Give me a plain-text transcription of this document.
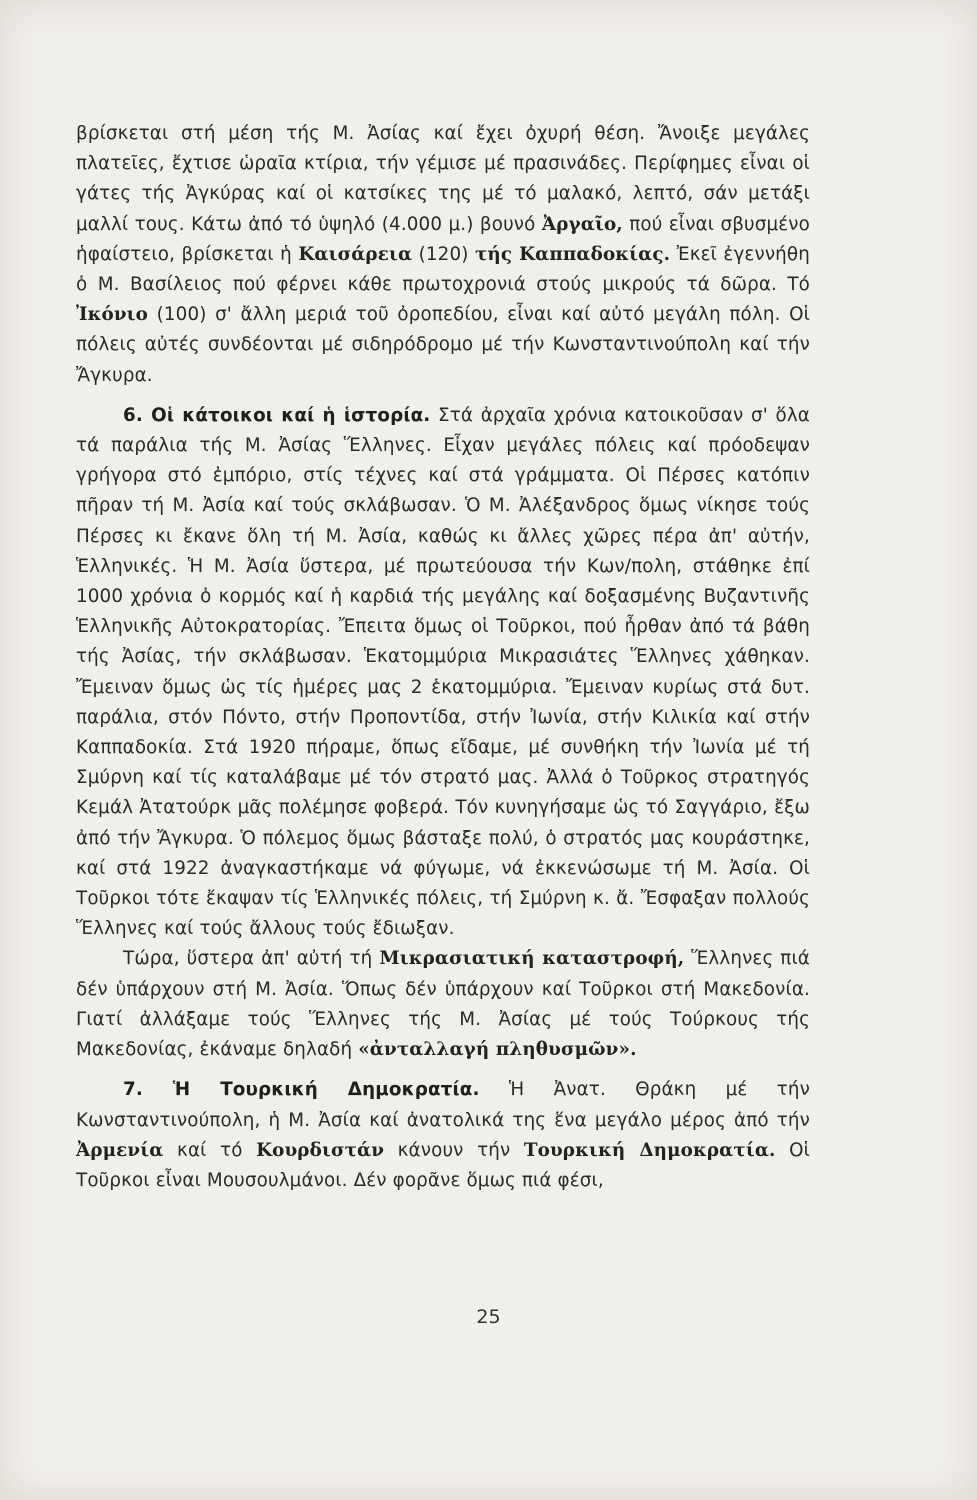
βρίσκεται στή μέση τής Μ. Ἀσίας καί ἔχει ὀχυρή θέση. Ἄνοιξε μεγάλες πλατεῖες, ἔχτισε ὡραῖα κτίρια, τήν γέμισε μέ πρασινάδες. Περίφημες εἶναι οἱ γάτες τής Ἀγκύρας καί οἱ κατσίκες της μέ τό μαλακό, λεπτό, σάν μετάξι μαλλί τους. Κάτω ἀπό τό ὑψηλό (4.000 μ.) βουνό Ἀργαῖο, πού εἶναι σβυσμένο ἡφαίστειο, βρίσκεται ἡ Καισάρεια (120) τής Καππαδοκίας. Ἐκεῖ ἐγεννήθη ὁ Μ. Βασίλειος πού φέρνει κάθε πρωτοχρονιά στούς μικρούς τά δῶρα. Τό Ἰκόνιο (100) σ' ἄλλη μεριά τοῦ ὀροπεδίου, εἶναι καί αὐτό μεγάλη πόλη. Οἱ πόλεις αὐτές συνδέονται μέ σιδηρόδρομο μέ τήν Κωνσταντινούπολη καί τήν Ἄγκυρα.

6. Οἱ κάτοικοι καί ἡ ἱστορία. Στά ἀρχαῖα χρόνια κατοικοῦσαν σ' ὅλα τά παράλια τής Μ. Ἀσίας Ἕλληνες. Εἶχαν μεγάλες πόλεις καί πρόοδεψαν γρήγορα στό ἐμπόριο, στίς τέχνες καί στά γράμματα. Οἱ Πέρσες κατόπιν πῆραν τή Μ. Ἀσία καί τούς σκλάβωσαν. Ὁ Μ. Ἀλέξανδρος ὅμως νίκησε τούς Πέρσες κι ἔκανε ὅλη τή Μ. Ἀσία, καθώς κι ἄλλες χῶρες πέρα ἀπ' αὐτήν, Ἑλληνικές. Ἡ Μ. Ἀσία ὕστερα, μέ πρωτεύουσα τήν Κων/πολη, στάθηκε ἐπί 1000 χρόνια ὁ κορμός καί ἡ καρδιά τής μεγάλης καί δοξασμένης Βυζαντινῆς Ἑλληνικῆς Αὐτοκρατορίας. Ἔπειτα ὅμως οἱ Τοῦρκοι, πού ἦρθαν ἀπό τά βάθη τής Ἀσίας, τήν σκλάβωσαν. Ἑκατομμύρια Μικρασιάτες Ἕλληνες χάθηκαν. Ἔμειναν ὅμως ὡς τίς ἡμέρες μας 2 ἑκατομμύρια. Ἔμειναν κυρίως στά δυτ. παράλια, στόν Πόντο, στήν Προποντίδα, στήν Ἰωνία, στήν Κιλικία καί στήν Καππαδοκία. Στά 1920 πήραμε, ὅπως εἴδαμε, μέ συνθήκη τήν Ἰωνία μέ τή Σμύρνη καί τίς καταλάβαμε μέ τόν στρατό μας. Ἀλλά ὁ Τοῦρκος στρατηγός Κεμάλ Ἀτατούρκ μᾶς πολέμησε φοβερά. Τόν κυνηγήσαμε ὡς τό Σαγγάριο, ἔξω ἀπό τήν Ἄγκυρα. Ὁ πόλεμος ὅμως βάσταξε πολύ, ὁ στρατός μας κουράστηκε, καί στά 1922 ἀναγκαστήκαμε νά φύγωμε, νά ἐκκενώσωμε τή Μ. Ἀσία. Οἱ Τοῦρκοι τότε ἔκαψαν τίς Ἑλληνικές πόλεις, τή Σμύρνη κ. ἄ. Ἔσφαξαν πολλούς Ἕλληνες καί τούς ἄλλους τούς ἔδιωξαν.

Τώρα, ὕστερα ἀπ' αὐτή τή Μικρασιατική καταστροφή, Ἕλληνες πιά δέν ὑπάρχουν στή Μ. Ἀσία. Ὅπως δέν ὑπάρχουν καί Τοῦρκοι στή Μακεδονία. Γιατί ἀλλάξαμε τούς Ἕλληνες τής Μ. Ἀσίας μέ τούς Τούρκους τής Μακεδονίας, ἐκάναμε δηλαδή «ἀνταλλαγή πληθυσμῶν».

7. Ἡ Τουρκική Δημοκρατία. Ἡ Ἀνατ. Θράκη μέ τήν Κωνσταντινούπολη, ἡ Μ. Ἀσία καί ἀνατολικά της ἕνα μεγάλο μέρος ἀπό τήν Ἀρμενία καί τό Κουρδιστάν κάνουν τήν Τουρκική Δημοκρατία. Οἱ Τοῦρκοι εἶναι Μουσουλμάνοι. Δέν φορᾶνε ὅμως πιά φέσι,

25
